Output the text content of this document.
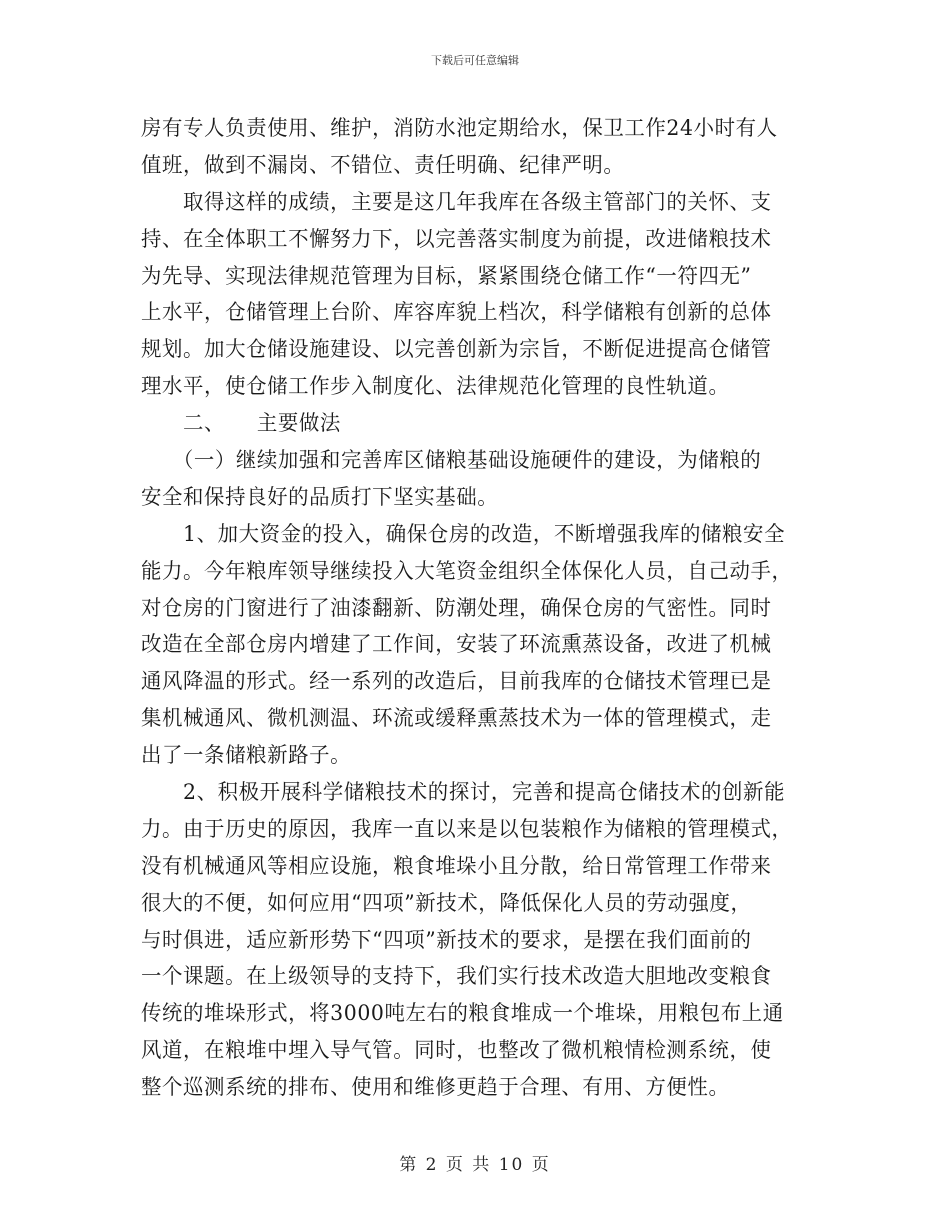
下载后可任意编辑
房有专人负责使用、维护，消防水池定期给水，保卫工作24小时有人
值班，做到不漏岗、不错位、责任明确、纪律严明。
　　取得这样的成绩，主要是这几年我库在各级主管部门的关怀、支
持、在全体职工不懈努力下，以完善落实制度为前提，改进储粮技术
为先导、实现法律规范管理为目标，紧紧围绕仓储工作“一符四无”
上水平，仓储管理上台阶、库容库貌上档次，科学储粮有创新的总体
规划。加大仓储设施建设、以完善创新为宗旨，不断促进提高仓储管
理水平，使仓储工作步入制度化、法律规范化管理的良性轨道。
　　二、　　主要做法
　　（一）继续加强和完善库区储粮基础设施硬件的建设，为储粮的
安全和保持良好的品质打下坚实基础。
　　1、加大资金的投入，确保仓房的改造，不断增强我库的储粮安全
能力。今年粮库领导继续投入大笔资金组织全体保化人员，自己动手，
对仓房的门窗进行了油漆翻新、防潮处理，确保仓房的气密性。同时
改造在全部仓房内增建了工作间，安装了环流熏蒸设备，改进了机械
通风降温的形式。经一系列的改造后，目前我库的仓储技术管理已是
集机械通风、微机测温、环流或缓释熏蒸技术为一体的管理模式，走
出了一条储粮新路子。
　　2、积极开展科学储粮技术的探讨，完善和提高仓储技术的创新能
力。由于历史的原因，我库一直以来是以包装粮作为储粮的管理模式，
没有机械通风等相应设施，粮食堆垛小且分散，给日常管理工作带来
很大的不便，如何应用“四项”新技术，降低保化人员的劳动强度，
与时俱进，适应新形势下“四项”新技术的要求，是摆在我们面前的
一个课题。在上级领导的支持下，我们实行技术改造大胆地改变粮食
传统的堆垛形式，将3000吨左右的粮食堆成一个堆垛，用粮包布上通
风道，在粮堆中埋入导气管。同时，也整改了微机粮情检测系统，使
整个巡测系统的排布、使用和维修更趋于合理、有用、方便性。
第 2 页 共 10 页
